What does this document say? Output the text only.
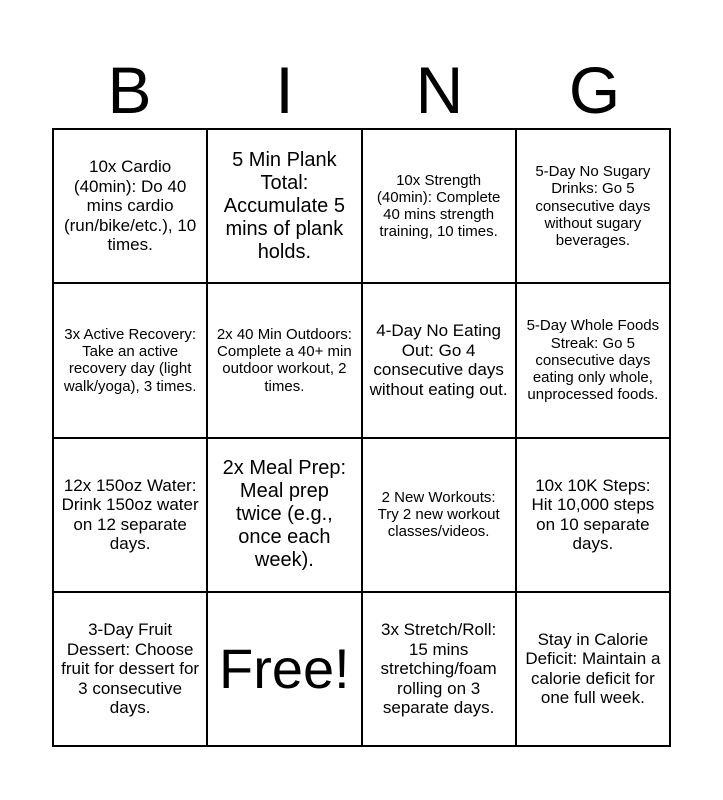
B	I	N	G
10x Cardio (40min): Do 40 mins cardio (run/bike/etc.), 10 times.	5 Min Plank Total: Accumulate 5 mins of plank holds.	10x Strength (40min): Complete 40 mins strength training, 10 times.	5-Day No Sugary Drinks: Go 5 consecutive days without sugary beverages.
3x Active Recovery: Take an active recovery day (light walk/yoga), 3 times.	2x 40 Min Outdoors: Complete a 40+ min outdoor workout, 2 times.	4-Day No Eating Out: Go 4 consecutive days without eating out.	5-Day Whole Foods Streak: Go 5 consecutive days eating only whole, unprocessed foods.
12x 150oz Water: Drink 150oz water on 12 separate days.	2x Meal Prep: Meal prep twice (e.g., once each week).	2 New Workouts: Try 2 new workout classes/videos.	10x 10K Steps: Hit 10,000 steps on 10 separate days.
3-Day Fruit Dessert: Choose fruit for dessert for 3 consecutive days.	Free!	3x Stretch/Roll: 15 mins stretching/foam rolling on 3 separate days.	Stay in Calorie Deficit: Maintain a calorie deficit for one full week.
